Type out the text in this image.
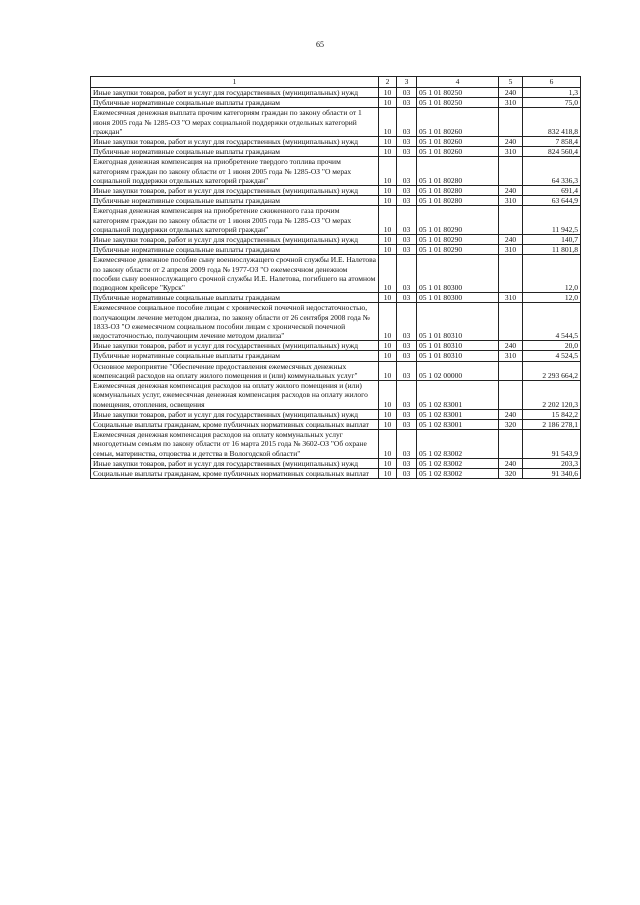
65
1	2	3	4	5	6
Иные закупки товаров, работ и услуг для государственных (муниципальных) нужд	10	03	05 1 01 80250	240	1,3
Публичные нормативные социальные выплаты гражданам	10	03	05 1 01 80250	310	75,0
Ежемесячная денежная выплата прочим категориям граждан по закону области от 1 июня 2005 года № 1285-ОЗ "О мерах социальной поддержки отдельных категорий граждан"	10	03	05 1 01 80260		832 418,8
Иные закупки товаров, работ и услуг для государственных (муниципальных) нужд	10	03	05 1 01 80260	240	7 858,4
Публичные нормативные социальные выплаты гражданам	10	03	05 1 01 80260	310	824 560,4
Ежегодная денежная компенсация на приобретение твердого топлива прочим категориям граждан по закону области от 1 июня 2005 года № 1285-ОЗ "О мерах социальной поддержки отдельных категорий граждан"	10	03	05 1 01 80280		64 336,3
Иные закупки товаров, работ и услуг для государственных (муниципальных) нужд	10	03	05 1 01 80280	240	691,4
Публичные нормативные социальные выплаты гражданам	10	03	05 1 01 80280	310	63 644,9
Ежегодная денежная компенсация на приобретение сжиженного газа прочим категориям граждан по закону области от 1 июня 2005 года № 1285-ОЗ "О мерах социальной поддержки отдельных категорий граждан"	10	03	05 1 01 80290		11 942,5
Иные закупки товаров, работ и услуг для государственных (муниципальных) нужд	10	03	05 1 01 80290	240	140,7
Публичные нормативные социальные выплаты гражданам	10	03	05 1 01 80290	310	11 801,8
Ежемесячное денежное пособие сыну военнослужащего срочной службы И.Е. Налетова по закону области от 2 апреля 2009 года № 1977-ОЗ "О ежемесячном денежном пособии сыну военнослужащего срочной службы И.Е. Налетова, погибшего на атомном подводном крейсере "Курск"	10	03	05 1 01 80300		12,0
Публичные нормативные социальные выплаты гражданам	10	03	05 1 01 80300	310	12,0
Ежемесячное социальное пособие лицам с хронической почечной недостаточностью, получающим лечение методом диализа, по закону области от 26 сентября 2008 года № 1833-ОЗ "О ежемесячном социальном пособии лицам с хронической почечной недостаточностью, получающим лечение методом диализа"	10	03	05 1 01 80310		4 544,5
Иные закупки товаров, работ и услуг для государственных (муниципальных) нужд	10	03	05 1 01 80310	240	20,0
Публичные нормативные социальные выплаты гражданам	10	03	05 1 01 80310	310	4 524,5
Основное мероприятие "Обеспечение предоставления ежемесячных денежных компенсаций расходов на оплату жилого помещения и (или) коммунальных услуг"	10	03	05 1 02 00000		2 293 664,2
Ежемесячная денежная компенсация расходов на оплату жилого помещения и (или) коммунальных услуг, ежемесячная денежная компенсация расходов на оплату жилого помещения, отопления, освещения	10	03	05 1 02 83001		2 202 120,3
Иные закупки товаров, работ и услуг для государственных (муниципальных) нужд	10	03	05 1 02 83001	240	15 842,2
Социальные выплаты гражданам, кроме публичных нормативных социальных выплат	10	03	05 1 02 83001	320	2 186 278,1
Ежемесячная денежная компенсация расходов на оплату коммунальных услуг многодетным семьям по закону области от 16 марта 2015 года № 3602-ОЗ "Об охране семьи, материнства, отцовства и детства в Вологодской области"	10	03	05 1 02 83002		91 543,9
Иные закупки товаров, работ и услуг для государственных (муниципальных) нужд	10	03	05 1 02 83002	240	203,3
Социальные выплаты гражданам, кроме публичных нормативных социальных выплат	10	03	05 1 02 83002	320	91 340,6
